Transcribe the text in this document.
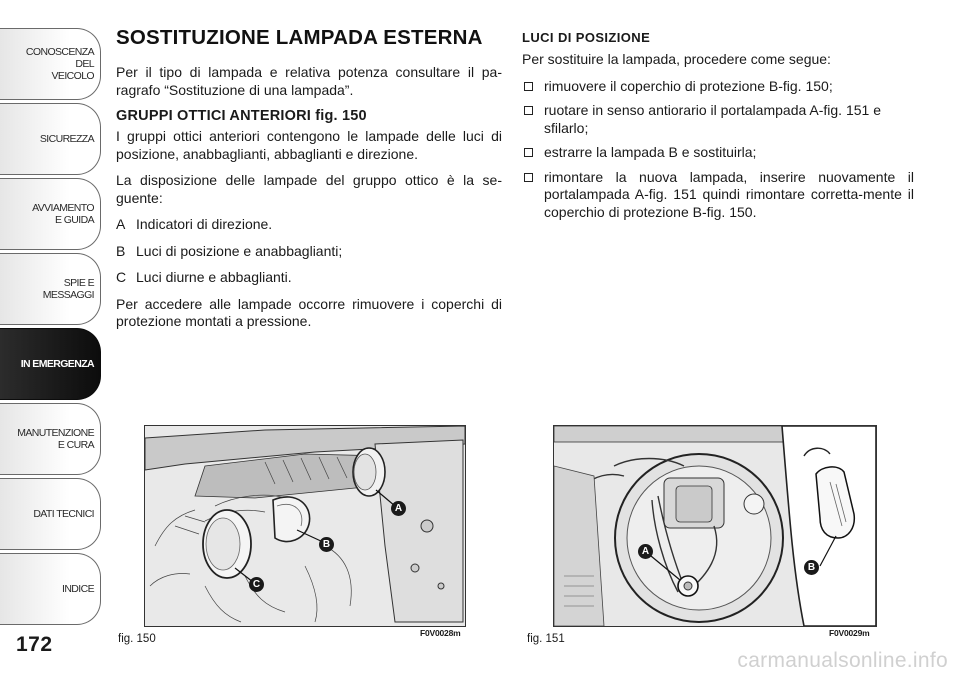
CONOSCENZA
DEL
VEICOLO
SICUREZZA
AVVIAMENTO
E GUIDA
SPIE E
MESSAGGI
IN EMERGENZA
MANUTENZIONE
E CURA
DATI TECNICI
INDICE
172
SOSTITUZIONE LAMPADA ESTERNA

Per il tipo di lampada e relativa potenza consultare il pa-ragrafo “Sostituzione di una lampada”.

GRUPPI OTTICI ANTERIORI fig. 150

I gruppi ottici anteriori contengono le lampade delle luci di posizione, anabbaglianti, abbaglianti e direzione.

La disposizione delle lampade del gruppo ottico è la se-guente:

A Indicatori di direzione.
B Luci di posizione e anabbaglianti;
C Luci diurne e abbaglianti.

Per accedere alle lampade occorre rimuovere i coperchi di protezione montati a pressione.

LUCI DI POSIZIONE

Per sostituire la lampada, procedere come segue:

rimuovere il coperchio di protezione B-fig. 150;
ruotare in senso antiorario il portalampada A-fig. 151 e sfilarlo;
estrarre la lampada B e sostituirla;
rimontare la nuova lampada, inserire nuovamente il portalampada A-fig. 151 quindi rimontare corretta-mente il coperchio di protezione B-fig. 150.
A
B
C
fig. 150	F0V0028m
A
B
fig. 151	F0V0029m
carmanualsonline.info
